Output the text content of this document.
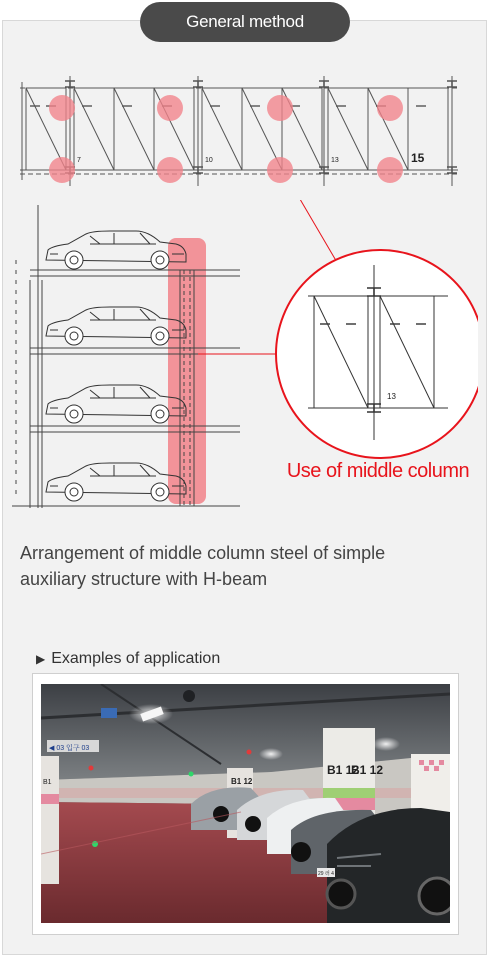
General method
7	10	13	15
13
Use of middle column
Arrangement of middle column steel of simple
auxiliary structure with H-beam
▶ Examples of application
◀ 03 입구 03
B1	B1 12
B1 12
B1 12
29 러 4
